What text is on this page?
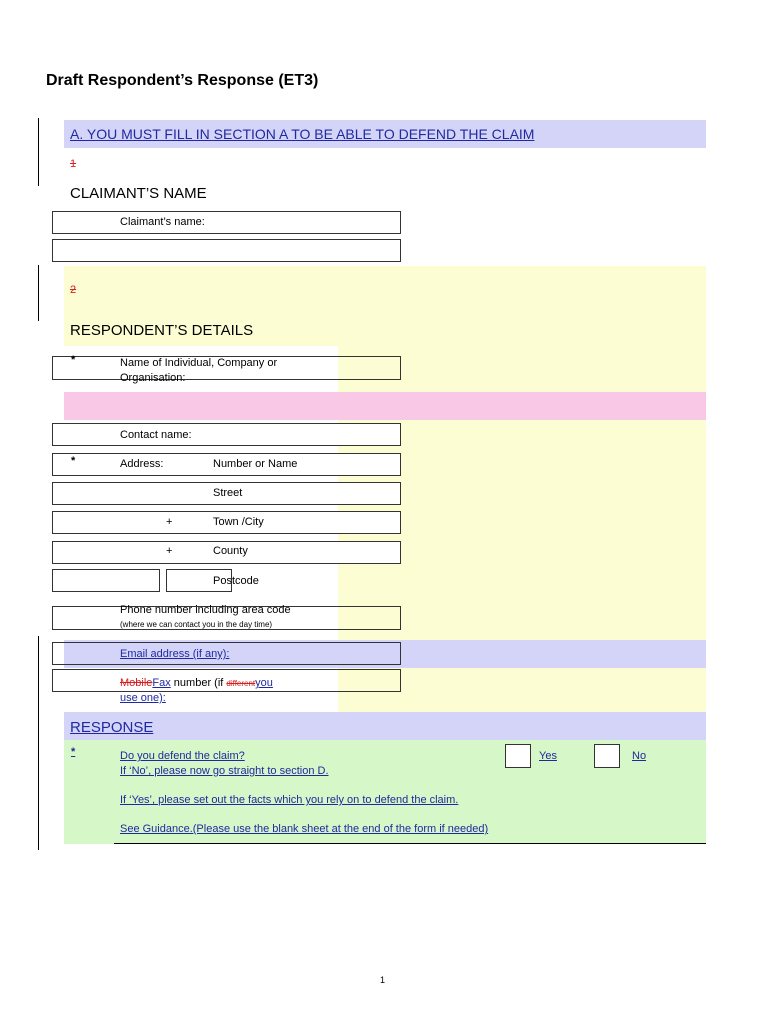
Draft Respondent’s Response (ET3)
A. YOU MUST FILL IN SECTION A TO BE ABLE TO DEFEND THE CLAIM
1
CLAIMANT’S NAME
Claimant’s name:
2
RESPONDENT’S DETAILS
*	Name of Individual, Company or
Organisation:
Contact name:
*	Address:	Number or Name
Street
+	Town /City
+	County
Postcode
Phone number including area code
(where we can contact you in the day time)
Email address (if any):
MobileFax number (if differentyou
use one):
RESPONSE
*	Do you defend the claim?
If ‘No’, please now go straight to section D.
Yes	No
If ‘Yes’, please set out the facts which you rely on to defend the claim.
See Guidance.(Please use the blank sheet at the end of the form if needed)
1
